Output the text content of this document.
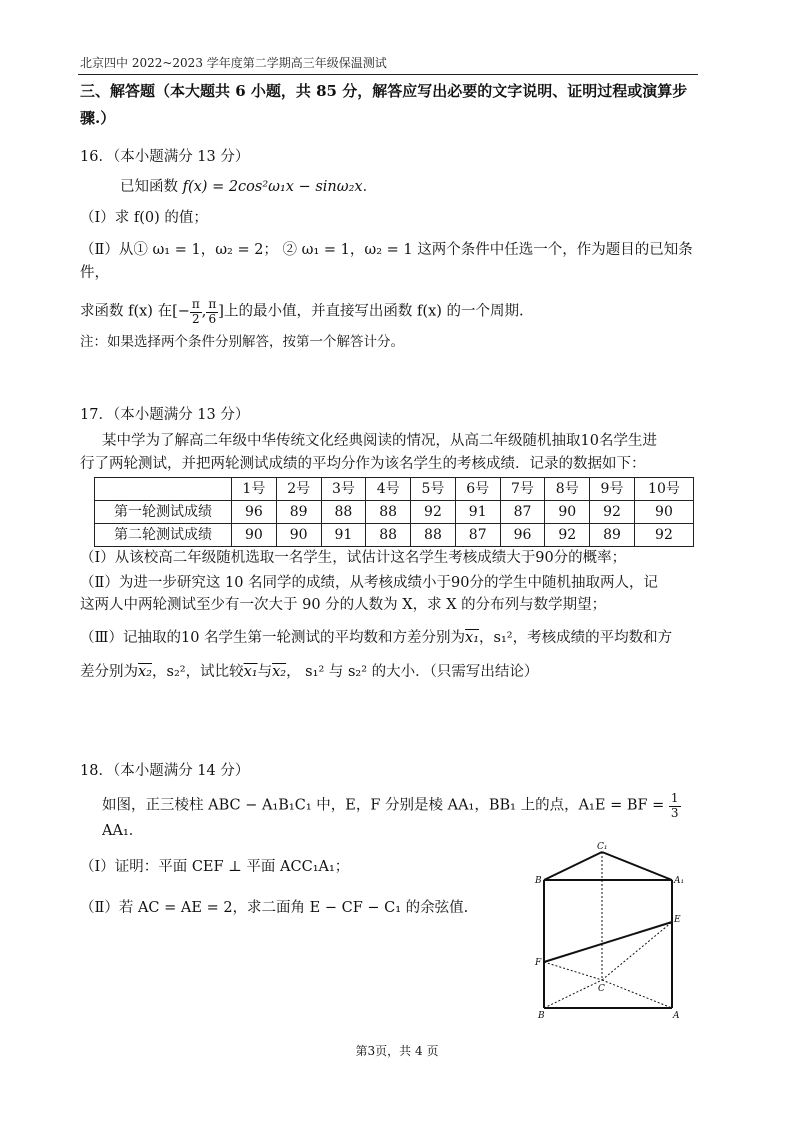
北京四中 2022~2023 学年度第二学期高三年级保温测试
三、解答题（本大题共 6 小题，共 85 分，解答应写出必要的文字说明、证明过程或演算步
骤.）
16．（本小题满分 13 分）
已知函数 f(x) = 2cos²ω₁x − sinω₂x．
（Ⅰ）求 f(0) 的值；
（Ⅱ）从① ω₁ = 1，ω₂ = 2； ② ω₁ = 1，ω₂ = 1 这两个条件中任选一个，作为题目的已知条件，
求函数 f(x) 在[− $\frac{\pi}{2}$ , $\frac{\pi}{6}$ ]上的最小值，并直接写出函数 f(x) 的一个周期.
注：如果选择两个条件分别解答，按第一个解答计分。
17．（本小题满分 13 分）
某中学为了解高二年级中华传统文化经典阅读的情况，从高二年级随机抽取10名学生进
行了两轮测试，并把两轮测试成绩的平均分作为该名学生的考核成绩．记录的数据如下：
	1号	2号	3号	4号	5号	6号	7号	8号	9号	10号
第一轮测试成绩	96	89	88	88	92	91	87	90	92	90
第二轮测试成绩	90	90	91	88	88	87	96	92	89	92
（Ⅰ）从该校高二年级随机选取一名学生，试估计这名学生考核成绩大于90分的概率；
（Ⅱ）为进一步研究这 10 名同学的成绩，从考核成绩小于90分的学生中随机抽取两人，记
这两人中两轮测试至少有一次大于 90 分的人数为 X，求 X 的分布列与数学期望；
（Ⅲ）记抽取的10 名学生第一轮测试的平均数和方差分别为x₁，s₁²，考核成绩的平均数和方
差分别为x₂，s₂²，试比较x₁与x₂， s₁² 与 s₂² 的大小．（只需写出结论）
18．（本小题满分 14 分）
如图，正三棱柱 ABC − A₁B₁C₁ 中，E，F 分别是棱 AA₁，BB₁ 上的点，A₁E = BF = $\frac{1}{3}$
AA₁．
（Ⅰ）证明：平面 CEF ⊥ 平面 ACC₁A₁；
（Ⅱ）若 AC = AE = 2，求二面角 E − CF − C₁ 的余弦值.
C₁
B	A₁
E
F
C
B	A
第3页，共 4 页
